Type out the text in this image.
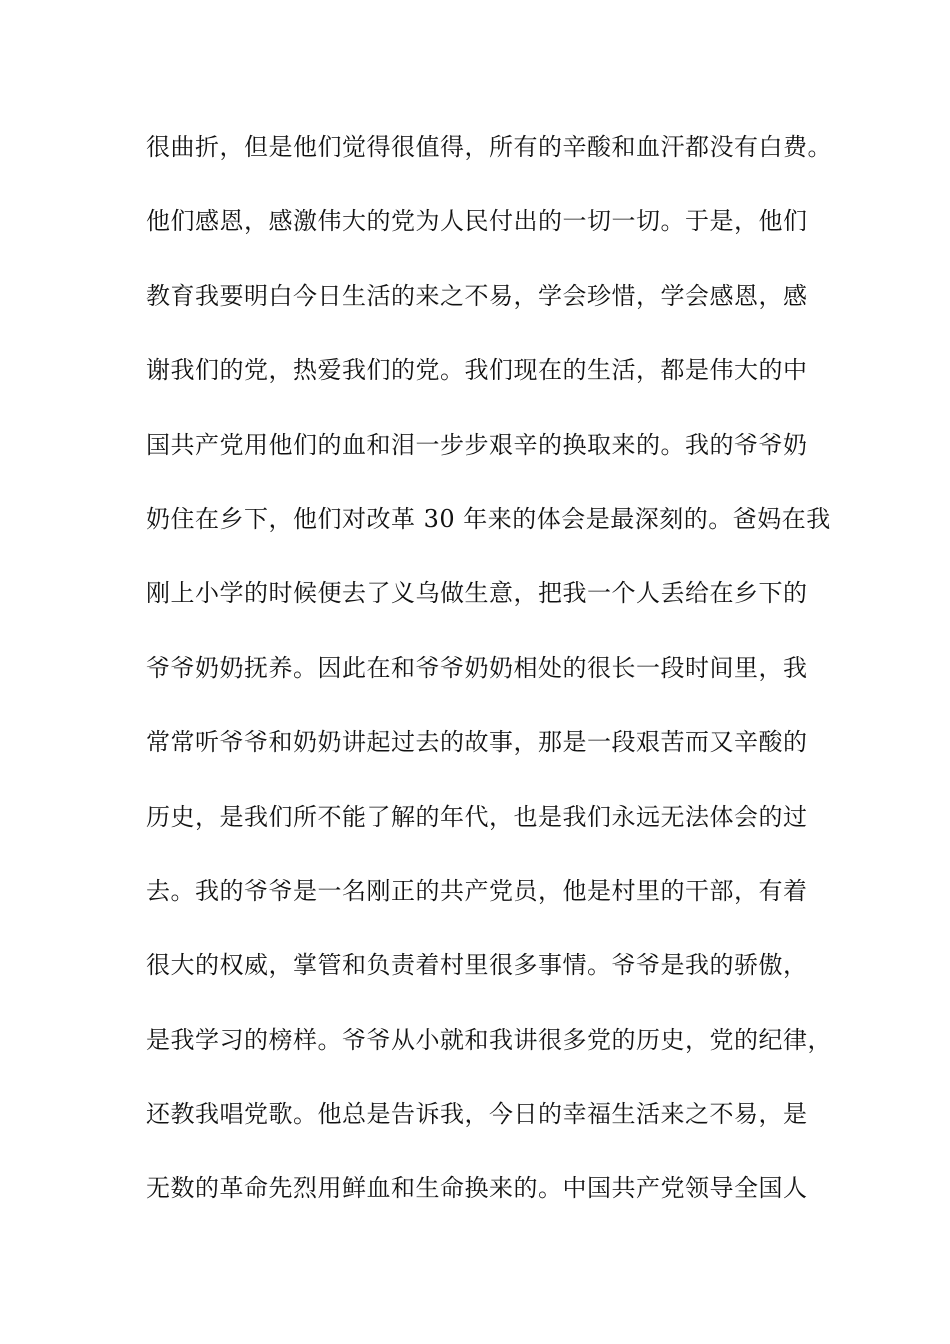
很曲折，但是他们觉得很值得，所有的辛酸和血汗都没有白费。
他们感恩，感激伟大的党为人民付出的一切一切。于是，他们
教育我要明白今日生活的来之不易，学会珍惜，学会感恩，感
谢我们的党，热爱我们的党。我们现在的生活，都是伟大的中
国共产党用他们的血和泪一步步艰辛的换取来的。我的爷爷奶
奶住在乡下，他们对改革 30 年来的体会是最深刻的。爸妈在我
刚上小学的时候便去了义乌做生意，把我一个人丢给在乡下的
爷爷奶奶抚养。因此在和爷爷奶奶相处的很长一段时间里，我
常常听爷爷和奶奶讲起过去的故事，那是一段艰苦而又辛酸的
历史，是我们所不能了解的年代，也是我们永远无法体会的过
去。我的爷爷是一名刚正的共产党员，他是村里的干部，有着
很大的权威，掌管和负责着村里很多事情。爷爷是我的骄傲，
是我学习的榜样。爷爷从小就和我讲很多党的历史，党的纪律，
还教我唱党歌。他总是告诉我，今日的幸福生活来之不易，是
无数的革命先烈用鲜血和生命换来的。中国共产党领导全国人
